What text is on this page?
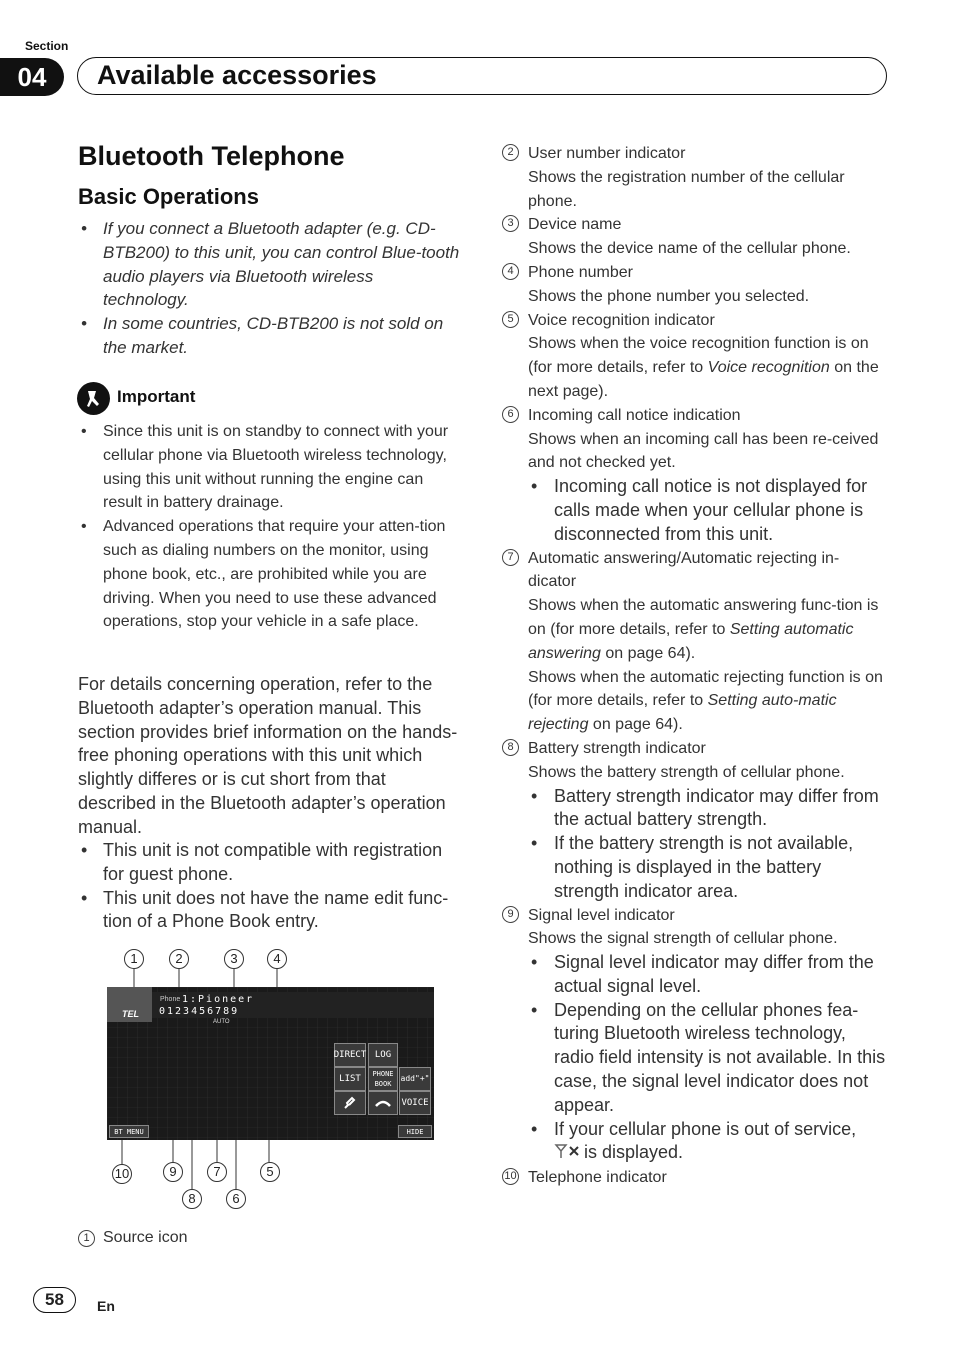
Section
04	Available accessories
Bluetooth Telephone
Basic Operations
• If you connect a Bluetooth adapter (e.g. CD-BTB200) to this unit, you can control Blue-tooth audio players via Bluetooth wireless technology.
• In some countries, CD-BTB200 is not sold on the market.
Important
• Since this unit is on standby to connect with your cellular phone via Bluetooth wireless technology, using this unit without running the engine can result in battery drainage.
• Advanced operations that require your atten-tion such as dialing numbers on the monitor, using phone book, etc., are prohibited while you are driving. When you need to use these advanced operations, stop your vehicle in a safe place.
For details concerning operation, refer to the Bluetooth adapter’s operation manual. This section provides brief information on the hands-free phoning operations with this unit which slightly differes or is cut short from that described in the Bluetooth adapter’s operation manual.
• This unit is not compatible with registration for guest phone.
• This unit does not have the name edit func-tion of a Phone Book entry.
1	2	3	4
TEL
Phone 1:Pioneer
0123456789
AUTO
DIRECT LOG
LIST	PHONE BOOK
add"+"
VOICE
BT MENU	HIDE
10	9	7	5
8	6
1 Source icon
2 User number indicator
Shows the registration number of the cellular phone.
3 Device name
Shows the device name of the cellular phone.
4 Phone number
Shows the phone number you selected.
5 Voice recognition indicator
Shows when the voice recognition function is on (for more details, refer to Voice recognition on the next page).
6 Incoming call notice indication
Shows when an incoming call has been re-ceived and not checked yet.
• Incoming call notice is not displayed for calls made when your cellular phone is disconnected from this unit.
7 Automatic answering/Automatic rejecting in-dicator
Shows when the automatic answering func-tion is on (for more details, refer to Setting automatic answering on page 64).
Shows when the automatic rejecting function is on (for more details, refer to Setting auto-matic rejecting on page 64).
8 Battery strength indicator
Shows the battery strength of cellular phone.
• Battery strength indicator may differ from the actual battery strength.
• If the battery strength is not available, nothing is displayed in the battery strength indicator area.
9 Signal level indicator
Shows the signal strength of cellular phone.
• Signal level indicator may differ from the actual signal level.
• Depending on the cellular phones fea-turing Bluetooth wireless technology, radio field intensity is not available. In this case, the signal level indicator does not appear.
• If your cellular phone is out of service,
is displayed.
10 Telephone indicator
58	En
